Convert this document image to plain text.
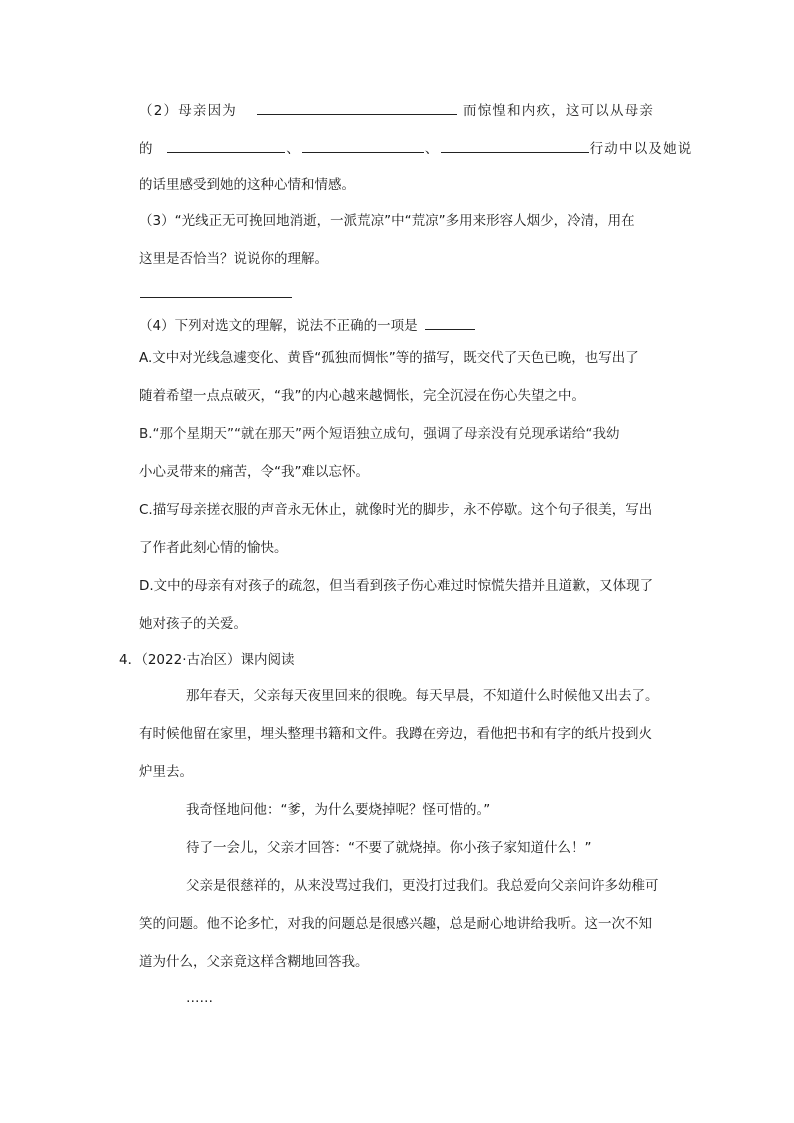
（2）母亲因为	而惊惶和内疚，这可以从母亲
的	、	、	行动中以及她说
的话里感受到她的这种心情和情感。
（3）“光线正无可挽回地消逝，一派荒凉”中“荒凉”多用来形容人烟少，冷清，用在
这里是否恰当？说说你的理解。
（4）下列对选文的理解，说法不正确的一项是
A.文中对光线急遽变化、黄昏“孤独而惆怅”等的描写，既交代了天色已晚，也写出了
随着希望一点点破灭，“我”的内心越来越惆怅，完全沉浸在伤心失望之中。
B.“那个星期天”“就在那天”两个短语独立成句，强调了母亲没有兑现承诺给“我幼
小心灵带来的痛苦，令“我”难以忘怀。
C.描写母亲搓衣服的声音永无休止，就像时光的脚步，永不停歇。这个句子很美，写出
了作者此刻心情的愉快。
D.文中的母亲有对孩子的疏忽，但当看到孩子伤心难过时惊慌失措并且道歉，又体现了
她对孩子的关爱。
4．（2022·古冶区）课内阅读
那年春天，父亲每天夜里回来的很晚。每天早晨，不知道什么时候他又出去了。
有时候他留在家里，埋头整理书籍和文件。我蹲在旁边，看他把书和有字的纸片投到火
炉里去。
我奇怪地问他：“爹，为什么要烧掉呢？怪可惜的。”
待了一会儿，父亲才回答：“不要了就烧掉。你小孩子家知道什么！”
父亲是很慈祥的，从来没骂过我们，更没打过我们。我总爱向父亲问许多幼稚可
笑的问题。他不论多忙，对我的问题总是很感兴趣，总是耐心地讲给我听。这一次不知
道为什么，父亲竟这样含糊地回答我。
……
